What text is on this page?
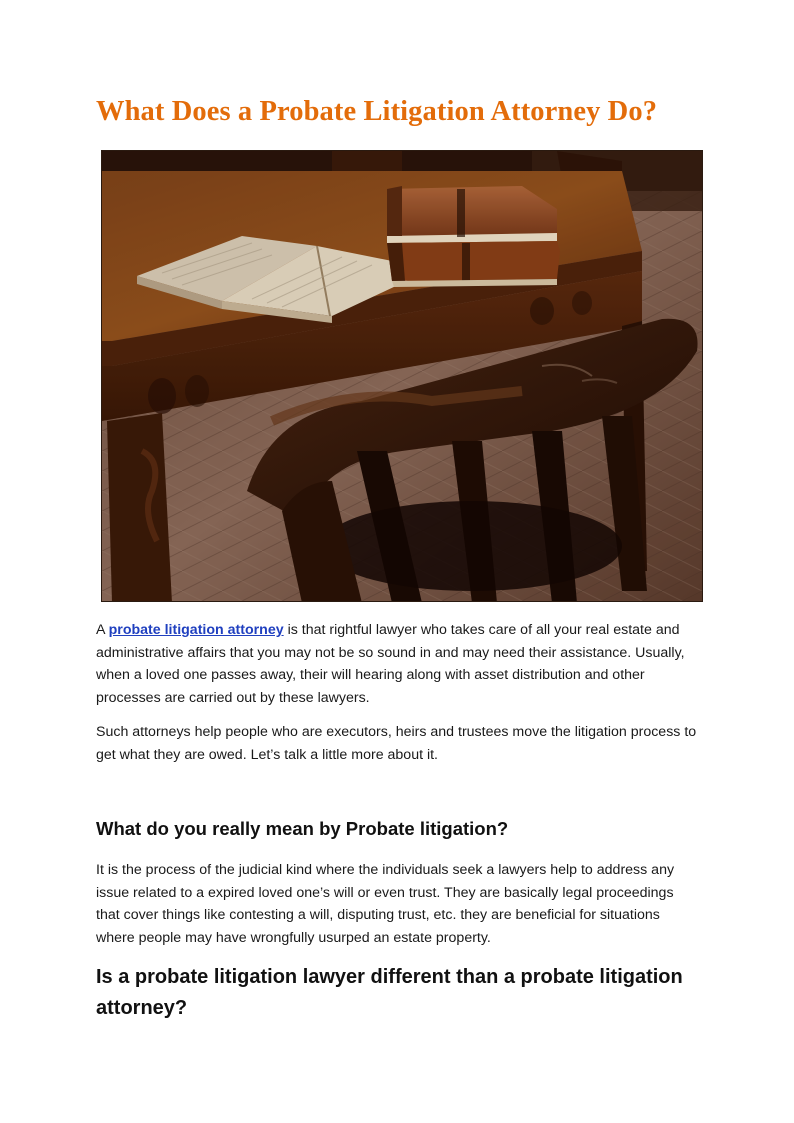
What Does a Probate Litigation Attorney Do?

A probate litigation attorney is that rightful lawyer who takes care of all your real estate and administrative affairs that you may not be so sound in and may need their assistance. Usually, when a loved one passes away, their will hearing along with asset distribution and other processes are carried out by these lawyers.

Such attorneys help people who are executors, heirs and trustees move the litigation process to get what they are owed. Let’s talk a little more about it.

What do you really mean by Probate litigation?

It is the process of the judicial kind where the individuals seek a lawyers help to address any issue related to a expired loved one’s will or even trust. They are basically legal proceedings that cover things like contesting a will, disputing trust, etc. they are beneficial for situations where people may have wrongfully usurped an estate property.

Is a probate litigation lawyer different than a probate litigation attorney?
